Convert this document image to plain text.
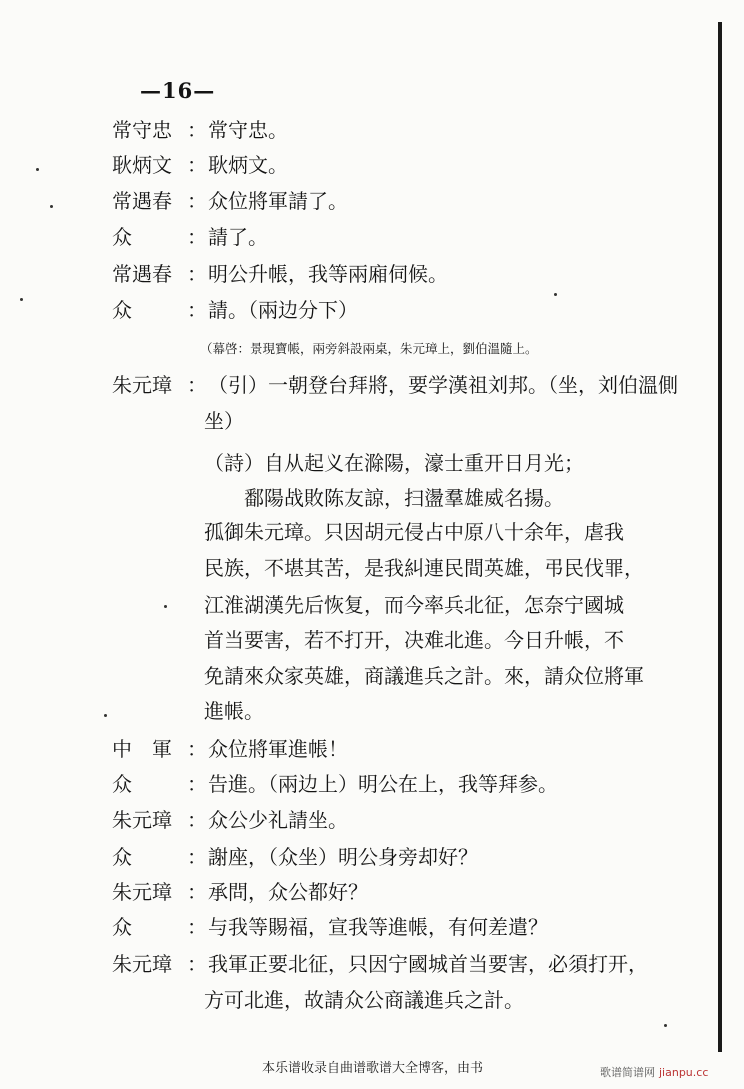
—16—
常守忠 ：常守忠。
耿炳文 ：耿炳文。
常遇春 ：众位將軍請了。
众	：請了。
常遇春 ：明公升帳，我等兩廂伺候。
众	：請。（兩边分下）
（幕啓：景現寶帳，兩旁斜設兩桌，朱元璋上，劉伯溫隨上。
朱元璋 ：（引）一朝登台拜將，要学漢祖刘邦。（坐，刘伯溫側
坐）
（詩）自从起义在滁陽，濠士重开日月光；
鄱陽战敗陈友諒，扫盪羣雄威名揚。
孤御朱元璋。只因胡元侵占中原八十余年，虐我
民族，不堪其苦，是我糾連民間英雄，弔民伐罪，
江淮湖漢先后恢复，而今率兵北征，怎奈宁國城
首当要害，若不打开，决难北進。今日升帳，不
免請來众家英雄，商議進兵之計。來，請众位將軍
進帳。
中　軍 ：众位將軍進帳！
众	：告進。（兩边上）明公在上，我等拜参。
朱元璋 ：众公少礼請坐。
众	：謝座，（众坐）明公身旁却好？
朱元璋 ：承問，众公都好？
众	：与我等賜福，宣我等進帳，有何差遣？
朱元璋 ：我軍正要北征，只因宁國城首当要害，必須打开，
方可北進，故請众公商議進兵之計。
本乐谱收录自曲谱歌谱大全博客，由书	歌谱简谱网 jianpu.cc
